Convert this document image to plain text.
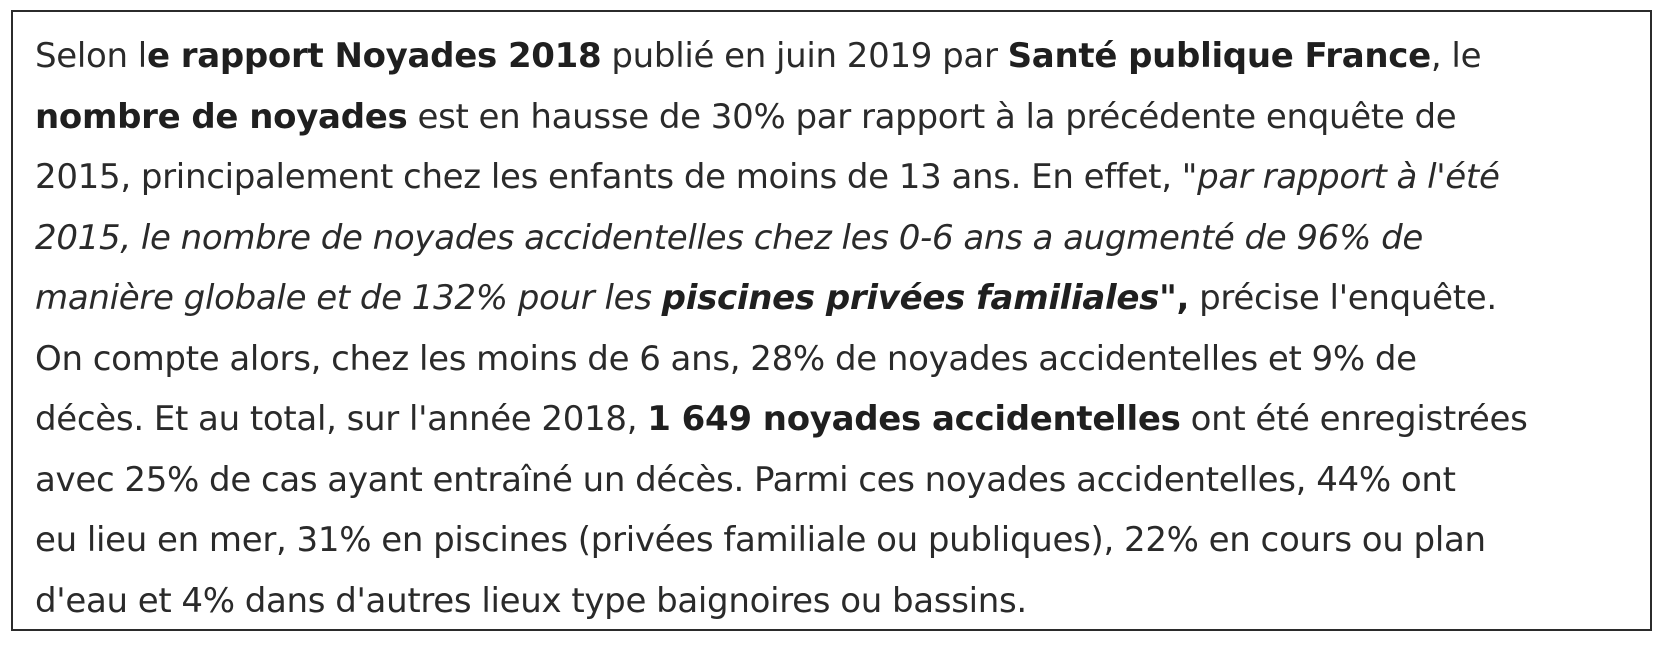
Selon le rapport Noyades 2018 publié en juin 2019 par Santé publique France, le
nombre de noyades est en hausse de 30% par rapport à la précédente enquête de
2015, principalement chez les enfants de moins de 13 ans. En effet, "par rapport à l'été
2015, le nombre de noyades accidentelles chez les 0-6 ans a augmenté de 96% de
manière globale et de 132% pour les piscines privées familiales", précise l'enquête.
On compte alors, chez les moins de 6 ans, 28% de noyades accidentelles et 9% de
décès. Et au total, sur l'année 2018, 1 649 noyades accidentelles ont été enregistrées
avec 25% de cas ayant entraîné un décès. Parmi ces noyades accidentelles, 44% ont
eu lieu en mer, 31% en piscines (privées familiale ou publiques), 22% en cours ou plan
d'eau et 4% dans d'autres lieux type baignoires ou bassins.
